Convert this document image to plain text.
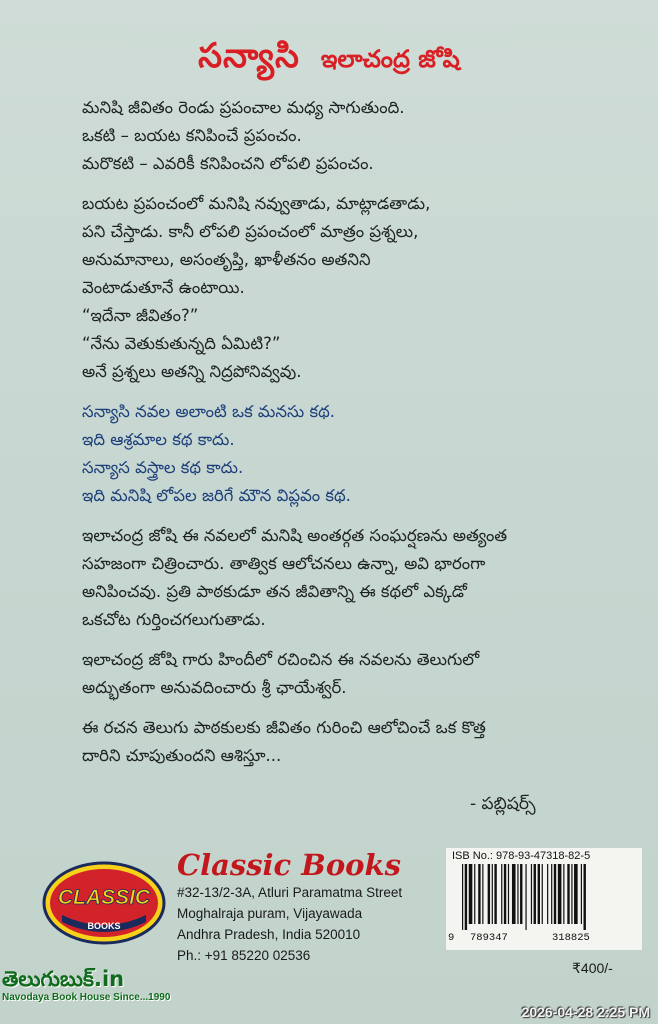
సన్యాసి ఇలాచంద్ర జోషి
మనిషి జీవితం రెండు ప్రపంచాల మధ్య సాగుతుంది.
ఒకటి – బయట కనిపించే ప్రపంచం.
మరొకటి – ఎవరికీ కనిపించని లోపలి ప్రపంచం.
బయట ప్రపంచంలో మనిషి నవ్వుతాడు, మాట్లాడతాడు,
పని చేస్తాడు. కానీ లోపలి ప్రపంచంలో మాత్రం ప్రశ్నలు,
అనుమానాలు, అసంతృప్తి, ఖాళీతనం అతనిని
వెంటాడుతూనే ఉంటాయి.
“ఇదేనా జీవితం?”
“నేను వెతుకుతున్నది ఏమిటి?”
అనే ప్రశ్నలు అతన్ని నిద్రపోనివ్వవు.
సన్యాసి నవల అలాంటి ఒక మనసు కథ.
ఇది ఆశ్రమాల కథ కాదు.
సన్యాస వస్త్రాల కథ కాదు.
ఇది మనిషి లోపల జరిగే మౌన విప్లవం కథ.
ఇలాచంద్ర జోషి ఈ నవలలో మనిషి అంతర్గత సంఘర్షణను అత్యంత
సహజంగా చిత్రించారు. తాత్విక ఆలోచనలు ఉన్నా, అవి భారంగా
అనిపించవు. ప్రతి పాఠకుడూ తన జీవితాన్ని ఈ కథలో ఎక్కడో
ఒకచోట గుర్తించగలుగుతాడు.
ఇలాచంద్ర జోషి గారు హిందీలో రచించిన ఈ నవలను తెలుగులో
అద్భుతంగా అనువదించారు శ్రీ ఛాయేశ్వర్.
ఈ రచన తెలుగు పాఠకులకు జీవితం గురించి ఆలోచించే ఒక కొత్త
దారిని చూపుతుందని ఆశిస్తూ...
- పబ్లిషర్స్
CLASSIC
BOOKS
Classic Books
#32-13/2-3A, Atluri Paramatma Street
Moghalraja puram, Vijayawada
Andhra Pradesh, India 520010
Ph.: +91 85220 02536
ISB No.: 978-93-47318-82-5
9 789347	318825
₹400/-
తెలుగుబుక్.in
Navodaya Book House Since...1990
2026-04-28 2:25 PM
